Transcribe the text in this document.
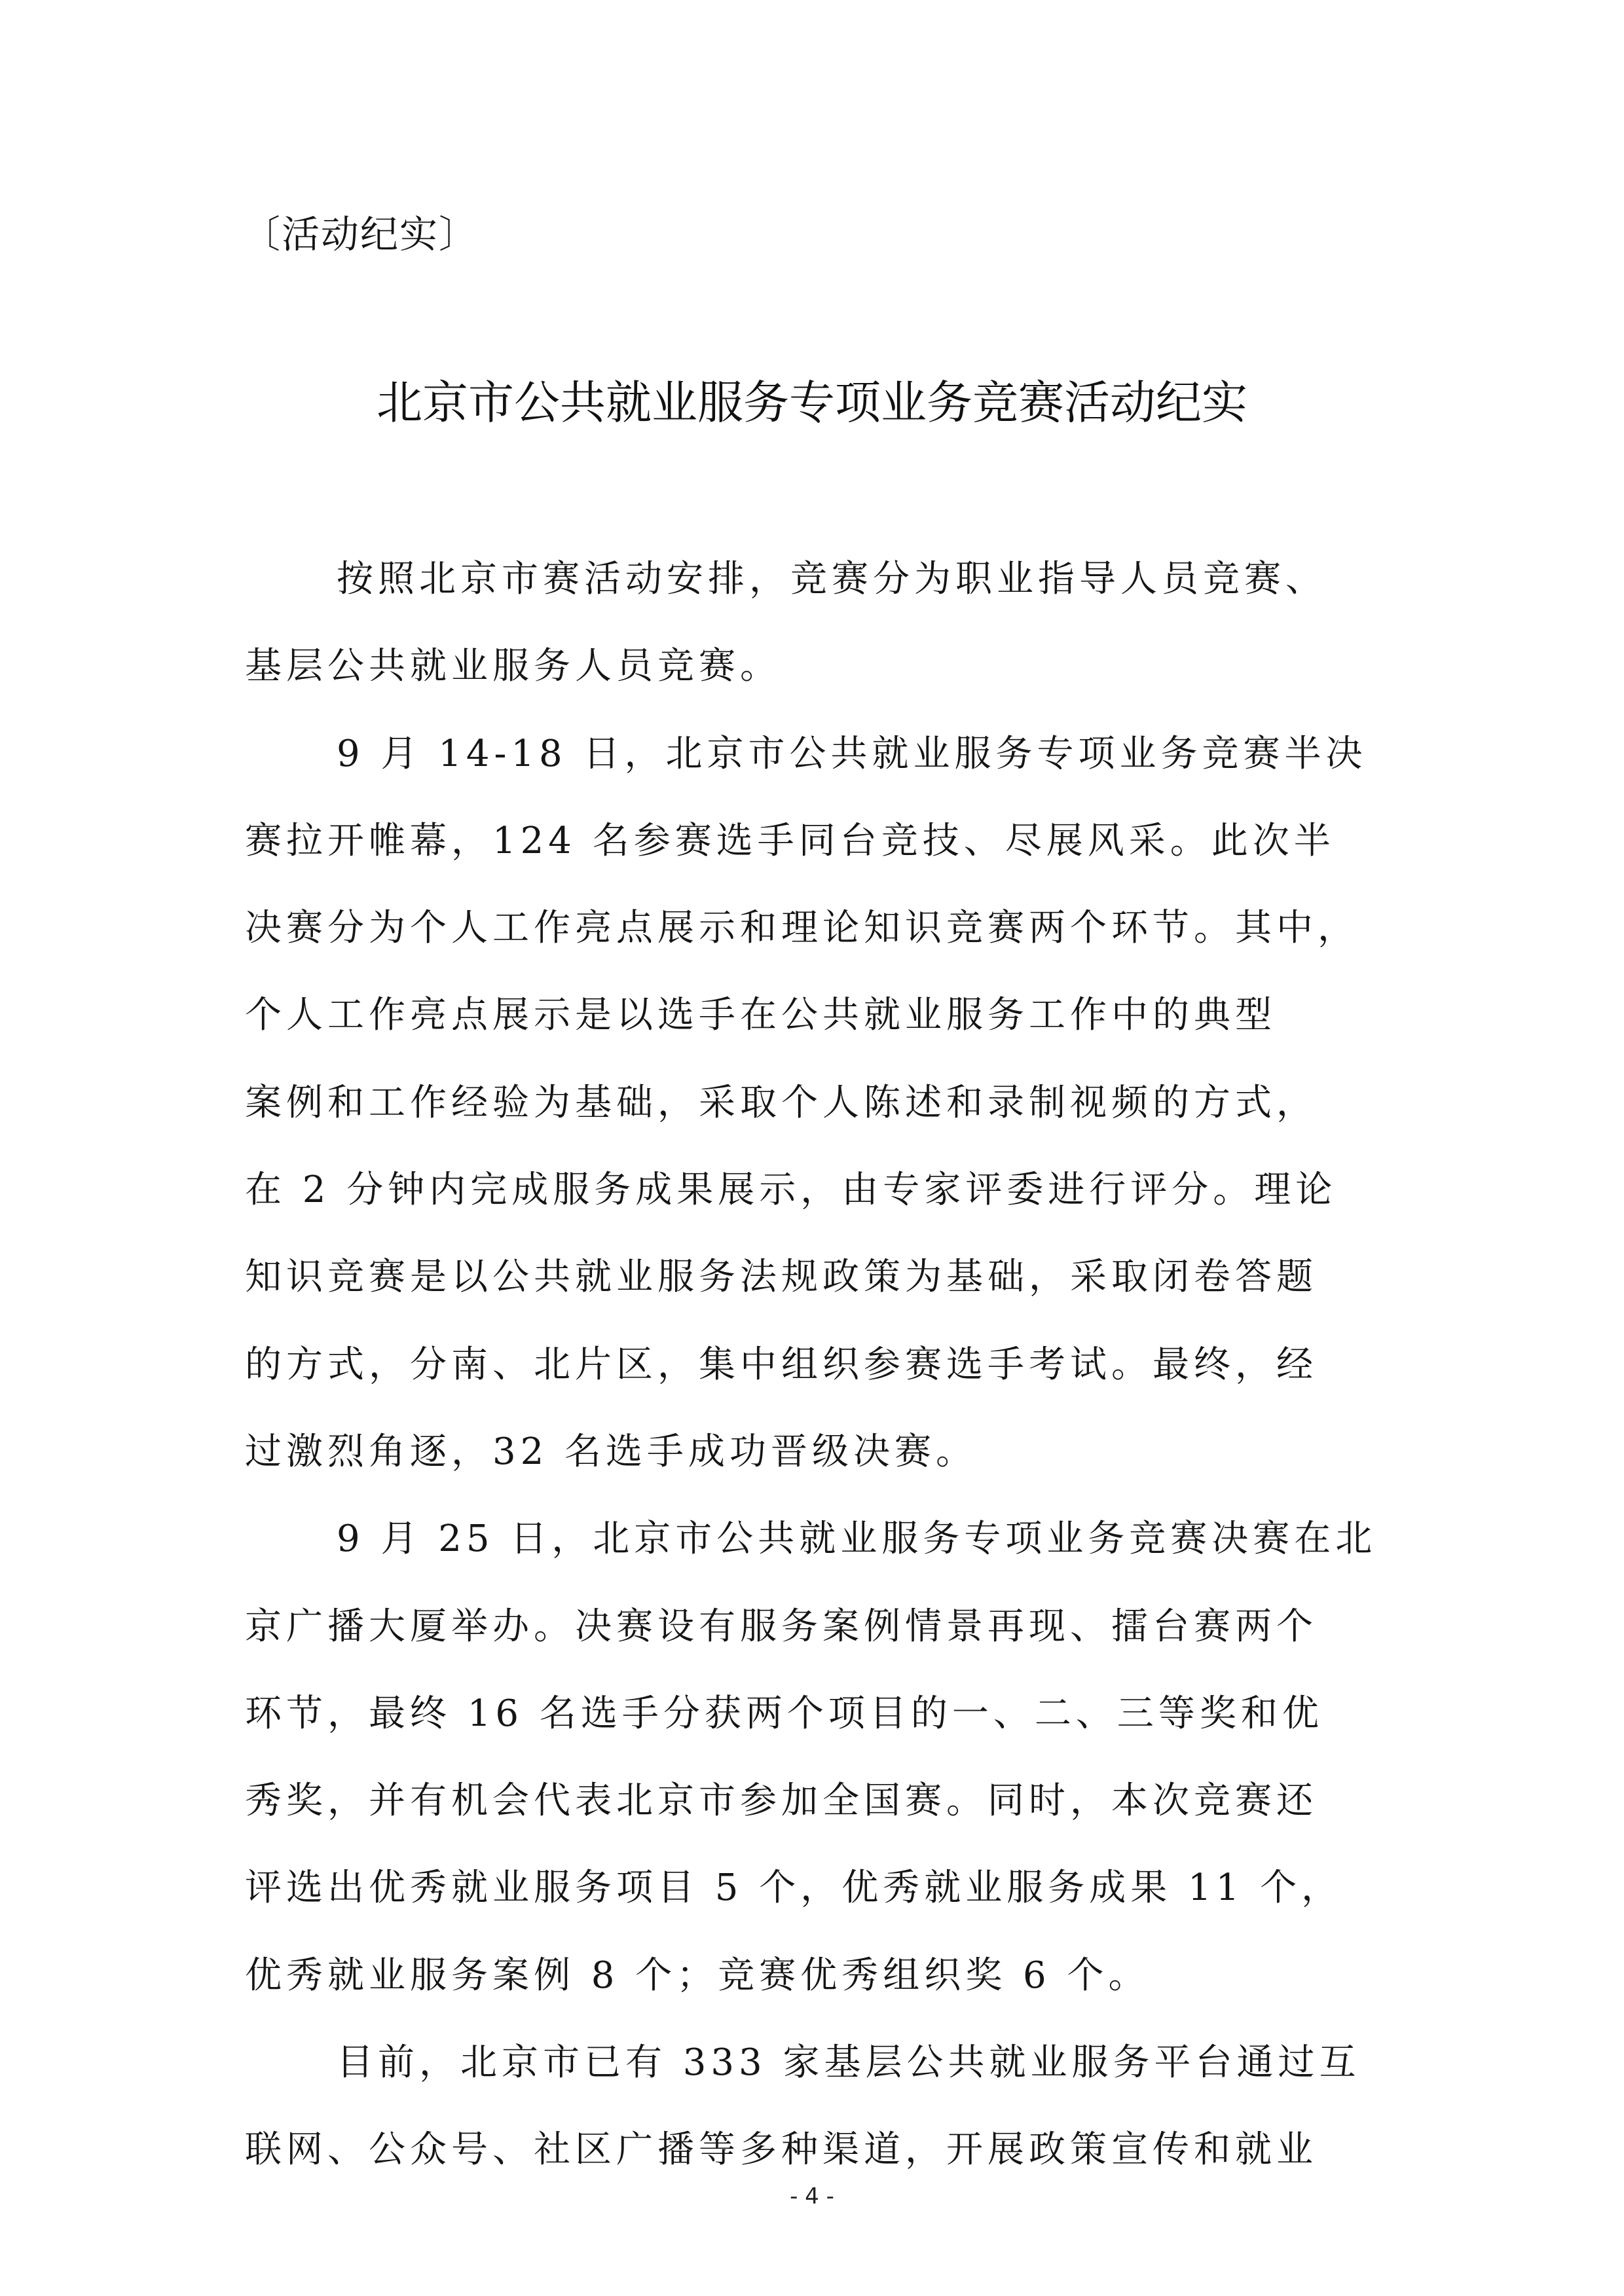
〔活动纪实〕
北京市公共就业服务专项业务竞赛活动纪实
按照北京市赛活动安排，竞赛分为职业指导人员竞赛、
基层公共就业服务人员竞赛。
9 月 14-18 日，北京市公共就业服务专项业务竞赛半决
赛拉开帷幕，124 名参赛选手同台竞技、尽展风采。此次半
决赛分为个人工作亮点展示和理论知识竞赛两个环节。其中，
个人工作亮点展示是以选手在公共就业服务工作中的典型
案例和工作经验为基础，采取个人陈述和录制视频的方式，
在 2 分钟内完成服务成果展示，由专家评委进行评分。理论
知识竞赛是以公共就业服务法规政策为基础，采取闭卷答题
的方式，分南、北片区，集中组织参赛选手考试。最终，经
过激烈角逐，32 名选手成功晋级决赛。
9 月 25 日，北京市公共就业服务专项业务竞赛决赛在北
京广播大厦举办。决赛设有服务案例情景再现、擂台赛两个
环节，最终 16 名选手分获两个项目的一、二、三等奖和优
秀奖，并有机会代表北京市参加全国赛。同时，本次竞赛还
评选出优秀就业服务项目 5 个，优秀就业服务成果 11 个，
优秀就业服务案例 8 个；竞赛优秀组织奖 6 个。
目前，北京市已有 333 家基层公共就业服务平台通过互
联网、公众号、社区广播等多种渠道，开展政策宣传和就业
- 4 -
